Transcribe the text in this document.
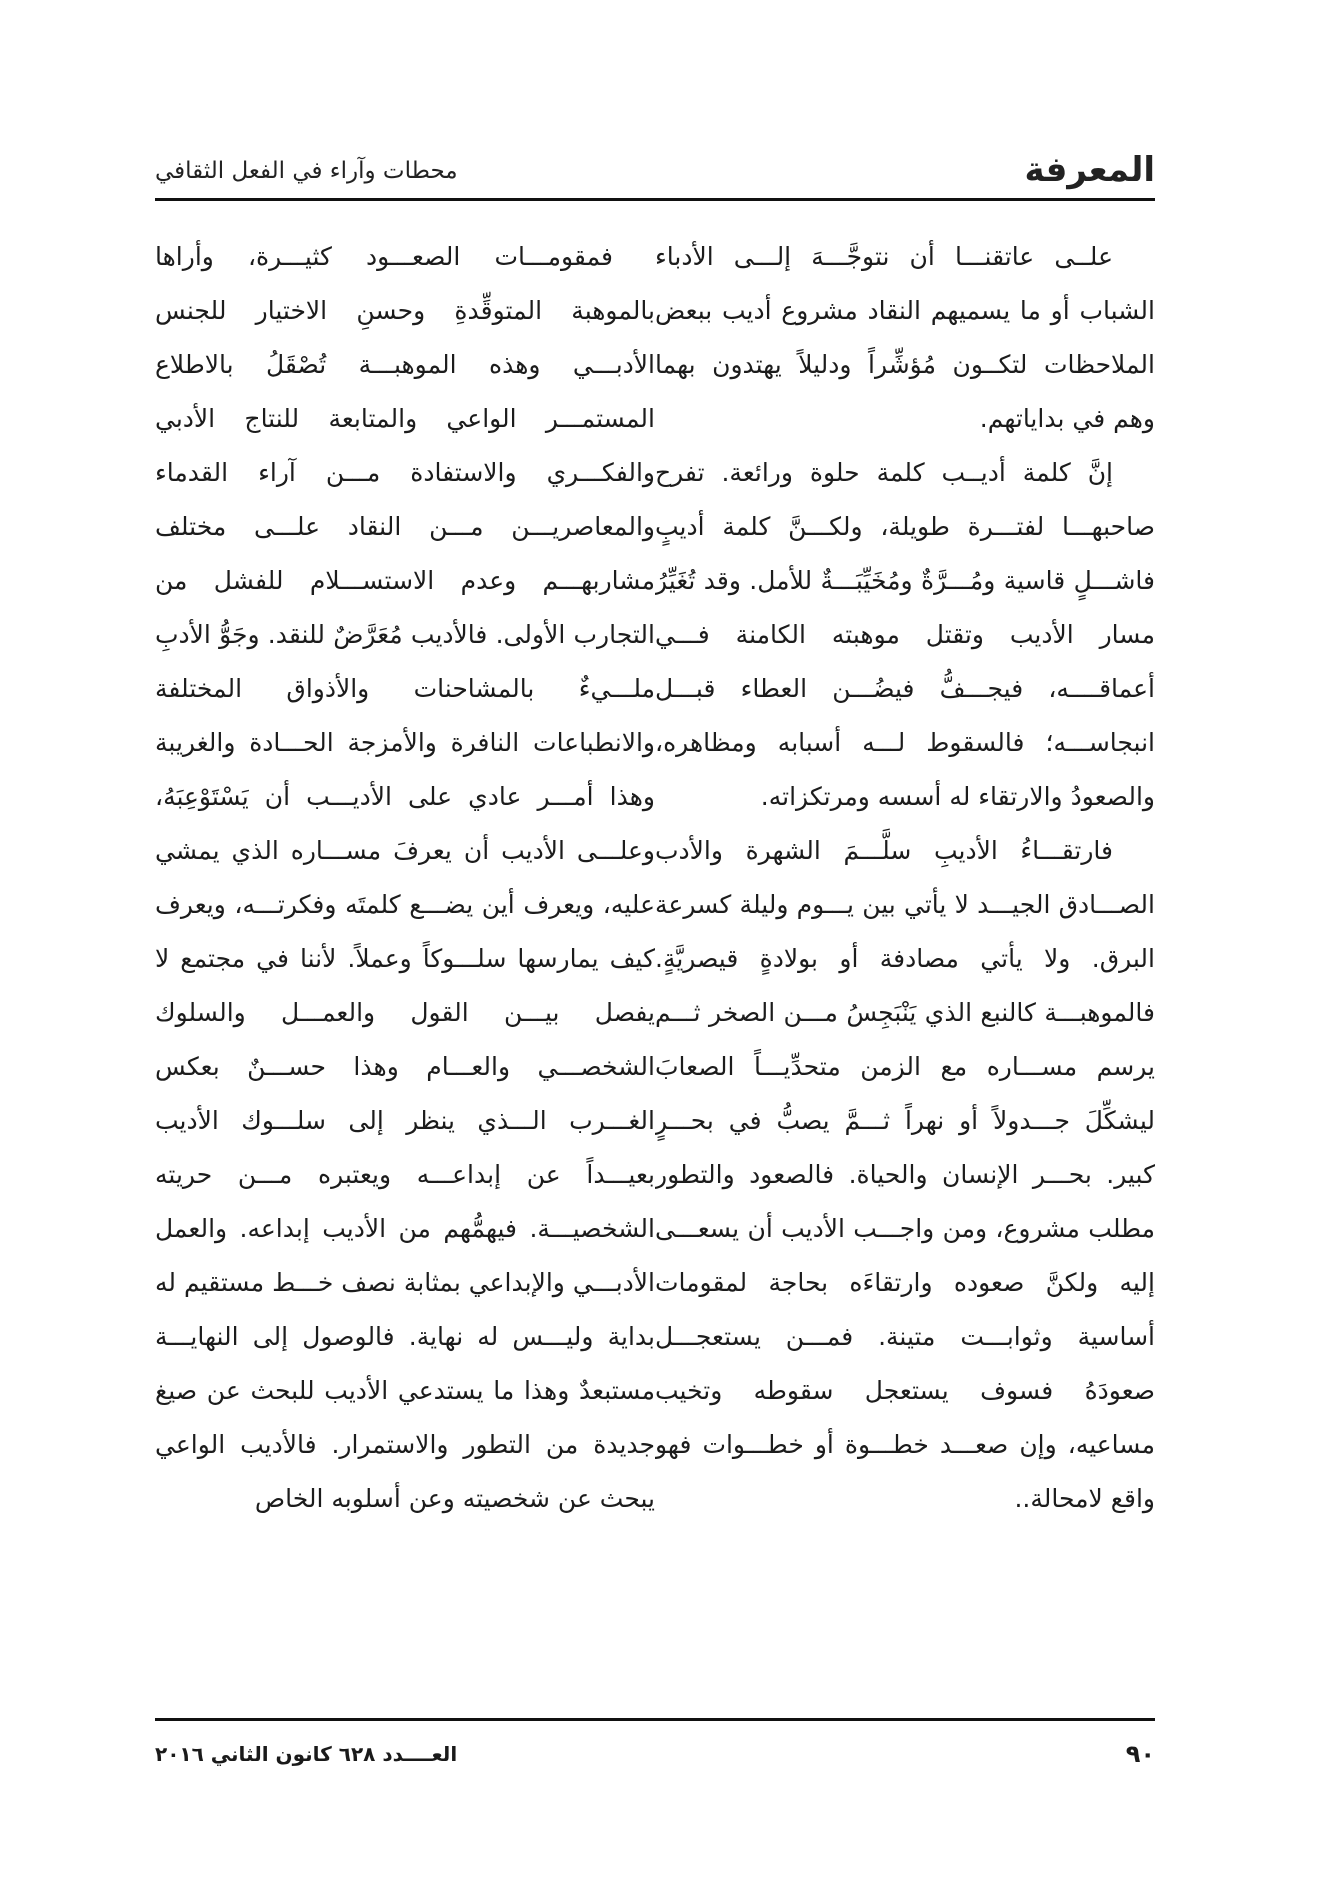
المعرفة
محطات وآراء في الفعل الثقافي

علــى عاتقنـــا أن نتوجَّـــهَ إلـــى الأدباء الشباب أو ما يسميهم النقاد مشروع أديب ببعض الملاحظات لتكــون مُؤشِّراً ودليلاً يهتدون بهما وهم في بداياتهم.

إنَّ كلمة أديــب كلمة حلوة ورائعة. تفرح صاحبهـــا لفتـــرة طويلة، ولكـــنَّ كلمة أديبٍ فاشـــلٍ قاسية ومُـــرَّةٌ ومُخَيِّبَـــةٌ للأمل. وقد تُغَيِّرُ مسار الأديب وتقتل موهبته الكامنة فـــي أعماقــــه، فيجـــفُّ فيضُـــن العطاء قبـــل انبجاســـه؛ فالسقوط لـــه أسبابه ومظاهره، والصعودُ والارتقاء له أسسه ومرتكزاته.

فارتقـــاءُ الأديبِ سلَّـــمَ الشهرة والأدب الصـــادق الجيـــد لا يأتي بين يـــوم وليلة كسرعة البرق. ولا يأتي مصادفة أو بولادةٍ قيصريَّةٍ. فالموهبـــة كالنبع الذي يَنْبَجِسُ مـــن الصخر ثـــم يرسم مســـاره مع الزمن متحدِّيـــاً الصعابَ ليشكِّلَ جـــدولاً أو نهراً ثـــمَّ يصبُّ في بحـــرٍ كبير. بحـــر الإنسان والحياة. فالصعود والتطور مطلب مشروع، ومن واجـــب الأديب أن يسعـــى إليه ولكنَّ صعوده وارتقاءَه بحاجة لمقومات أساسية وثوابـــت متينة. فمـــن يستعجـــل صعودَهُ فسوف يستعجل سقوطه وتخيب مساعيه، وإن صعـــد خطـــوة أو خطـــوات فهو واقع لامحالة..

فمقومـــات الصعـــود كثيـــرة، وأراها بالموهبة المتوقِّدةِ وحسنِ الاختيار للجنس الأدبـــي وهذه الموهبـــة تُصْقَلُ بالاطلاع المستمـــر الواعي والمتابعة للنتاج الأدبي والفكـــري والاستفادة مـــن آراء القدماء والمعاصريـــن مـــن النقاد علـــى مختلف مشاربهـــم وعدم الاستســـلام للفشل من التجارب الأولى. فالأديب مُعَرَّضٌ للنقد. وجَوُّ الأدبِ ملـــيءٌ بالمشاحنات والأذواق المختلفة والانطباعات النافرة والأمزجة الحـــادة والغريبة وهذا أمـــر عادي على الأديـــب أن يَسْتَوْعِبَهُ، وعلـــى الأديب أن يعرفَ مســـاره الذي يمشي عليه، ويعرف أين يضـــع كلمتَه وفكرتـــه، ويعرف كيف يمارسها سلـــوكاً وعملاً. لأننا في مجتمع لا يفصل بيـــن القول والعمـــل والسلوك الشخصـــي والعـــام وهذا حســـنٌ بعكس الغـــرب الـــذي ينظر إلى سلـــوك الأديب بعيـــداً عن إبداعـــه ويعتبره مـــن حريته الشخصيـــة. فيهمُّهم من الأديب إبداعه. والعمل الأدبـــي والإبداعي بمثابة نصف خـــط مستقيم له بداية وليـــس له نهاية. فالوصول إلى النهايـــة مستبعدٌ وهذا ما يستدعي الأديب للبحث عن صيغ جديدة من التطور والاستمرار. فالأديب الواعي يبحث عن شخصيته وعن أسلوبه الخاص

٩٠
العــــدد ٦٢٨ كانون الثاني ٢٠١٦
